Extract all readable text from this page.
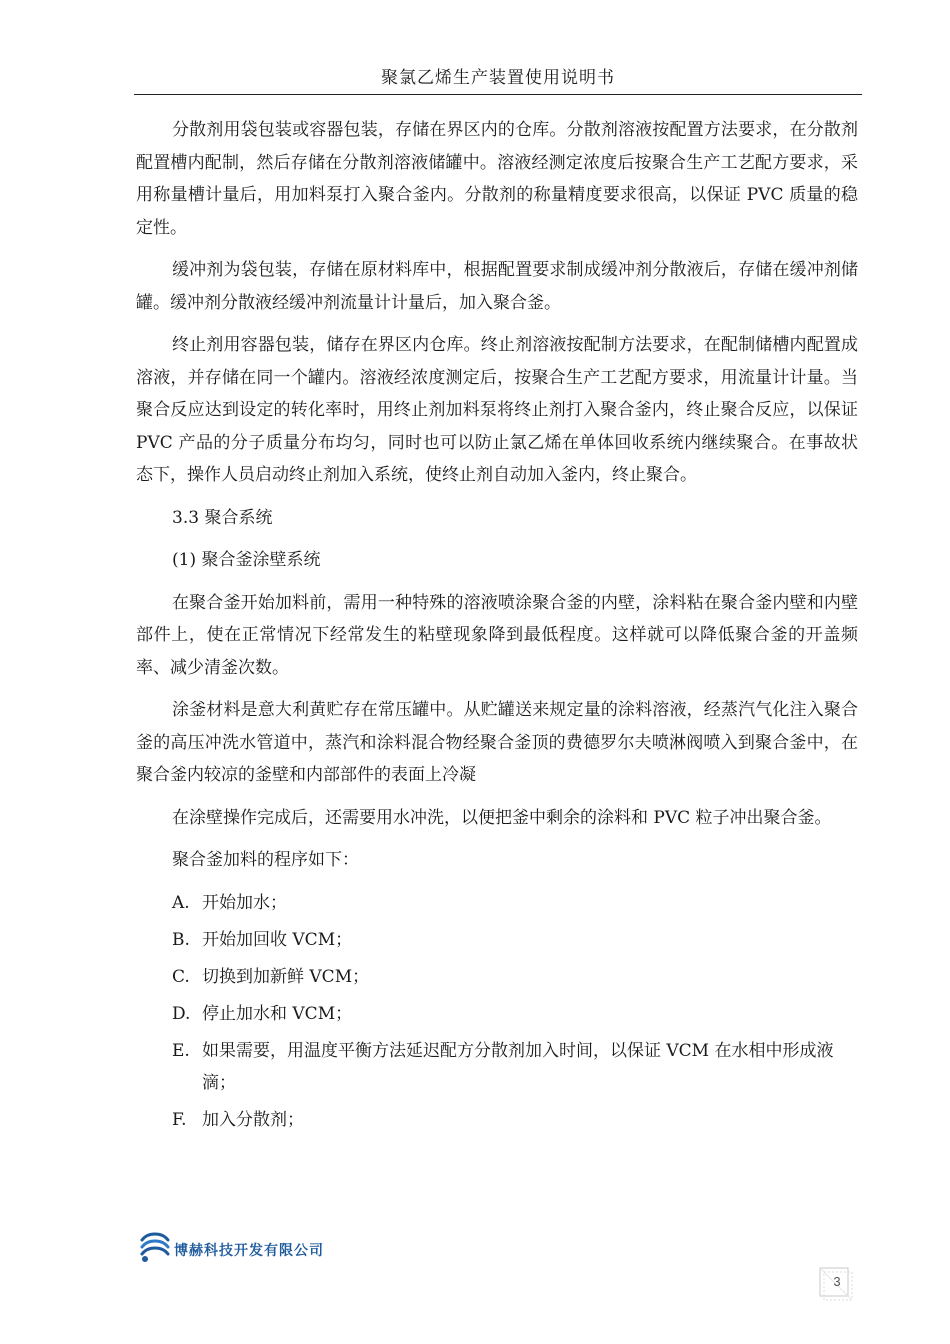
聚氯乙烯生产装置使用说明书

分散剂用袋包装或容器包装，存储在界区内的仓库。分散剂溶液按配置方法要求，在分散剂配置槽内配制，然后存储在分散剂溶液储罐中。溶液经测定浓度后按聚合生产工艺配方要求，采用称量槽计量后，用加料泵打入聚合釜内。分散剂的称量精度要求很高，以保证 PVC 质量的稳定性。

缓冲剂为袋包装，存储在原材料库中，根据配置要求制成缓冲剂分散液后，存储在缓冲剂储罐。缓冲剂分散液经缓冲剂流量计计量后，加入聚合釜。

终止剂用容器包装，储存在界区内仓库。终止剂溶液按配制方法要求，在配制储槽内配置成溶液，并存储在同一个罐内。溶液经浓度测定后，按聚合生产工艺配方要求，用流量计计量。当聚合反应达到设定的转化率时，用终止剂加料泵将终止剂打入聚合釜内，终止聚合反应，以保证 PVC 产品的分子质量分布均匀，同时也可以防止氯乙烯在单体回收系统内继续聚合。在事故状态下，操作人员启动终止剂加入系统，使终止剂自动加入釜内，终止聚合。

3.3 聚合系统
(1) 聚合釜涂壁系统

在聚合釜开始加料前，需用一种特殊的溶液喷涂聚合釜的内壁，涂料粘在聚合釜内壁和内壁部件上，使在正常情况下经常发生的粘壁现象降到最低程度。这样就可以降低聚合釜的开盖频率、减少清釜次数。

涂釜材料是意大利黄贮存在常压罐中。从贮罐送来规定量的涂料溶液，经蒸汽气化注入聚合釜的高压冲洗水管道中，蒸汽和涂料混合物经聚合釜顶的费德罗尔夫喷淋阀喷入到聚合釜中，在聚合釜内较凉的釜壁和内部部件的表面上冷凝

在涂壁操作完成后，还需要用水冲洗，以便把釜中剩余的涂料和 PVC 粒子冲出聚合釜。

聚合釜加料的程序如下：

A. 开始加水；
B. 开始加回收 VCM；
C. 切换到加新鲜 VCM；
D. 停止加水和 VCM；
E. 如果需要，用温度平衡方法延迟配方分散剂加入时间，以保证 VCM 在水相中形成液滴；
F. 加入分散剂；
博赫科技开发有限公司
3
